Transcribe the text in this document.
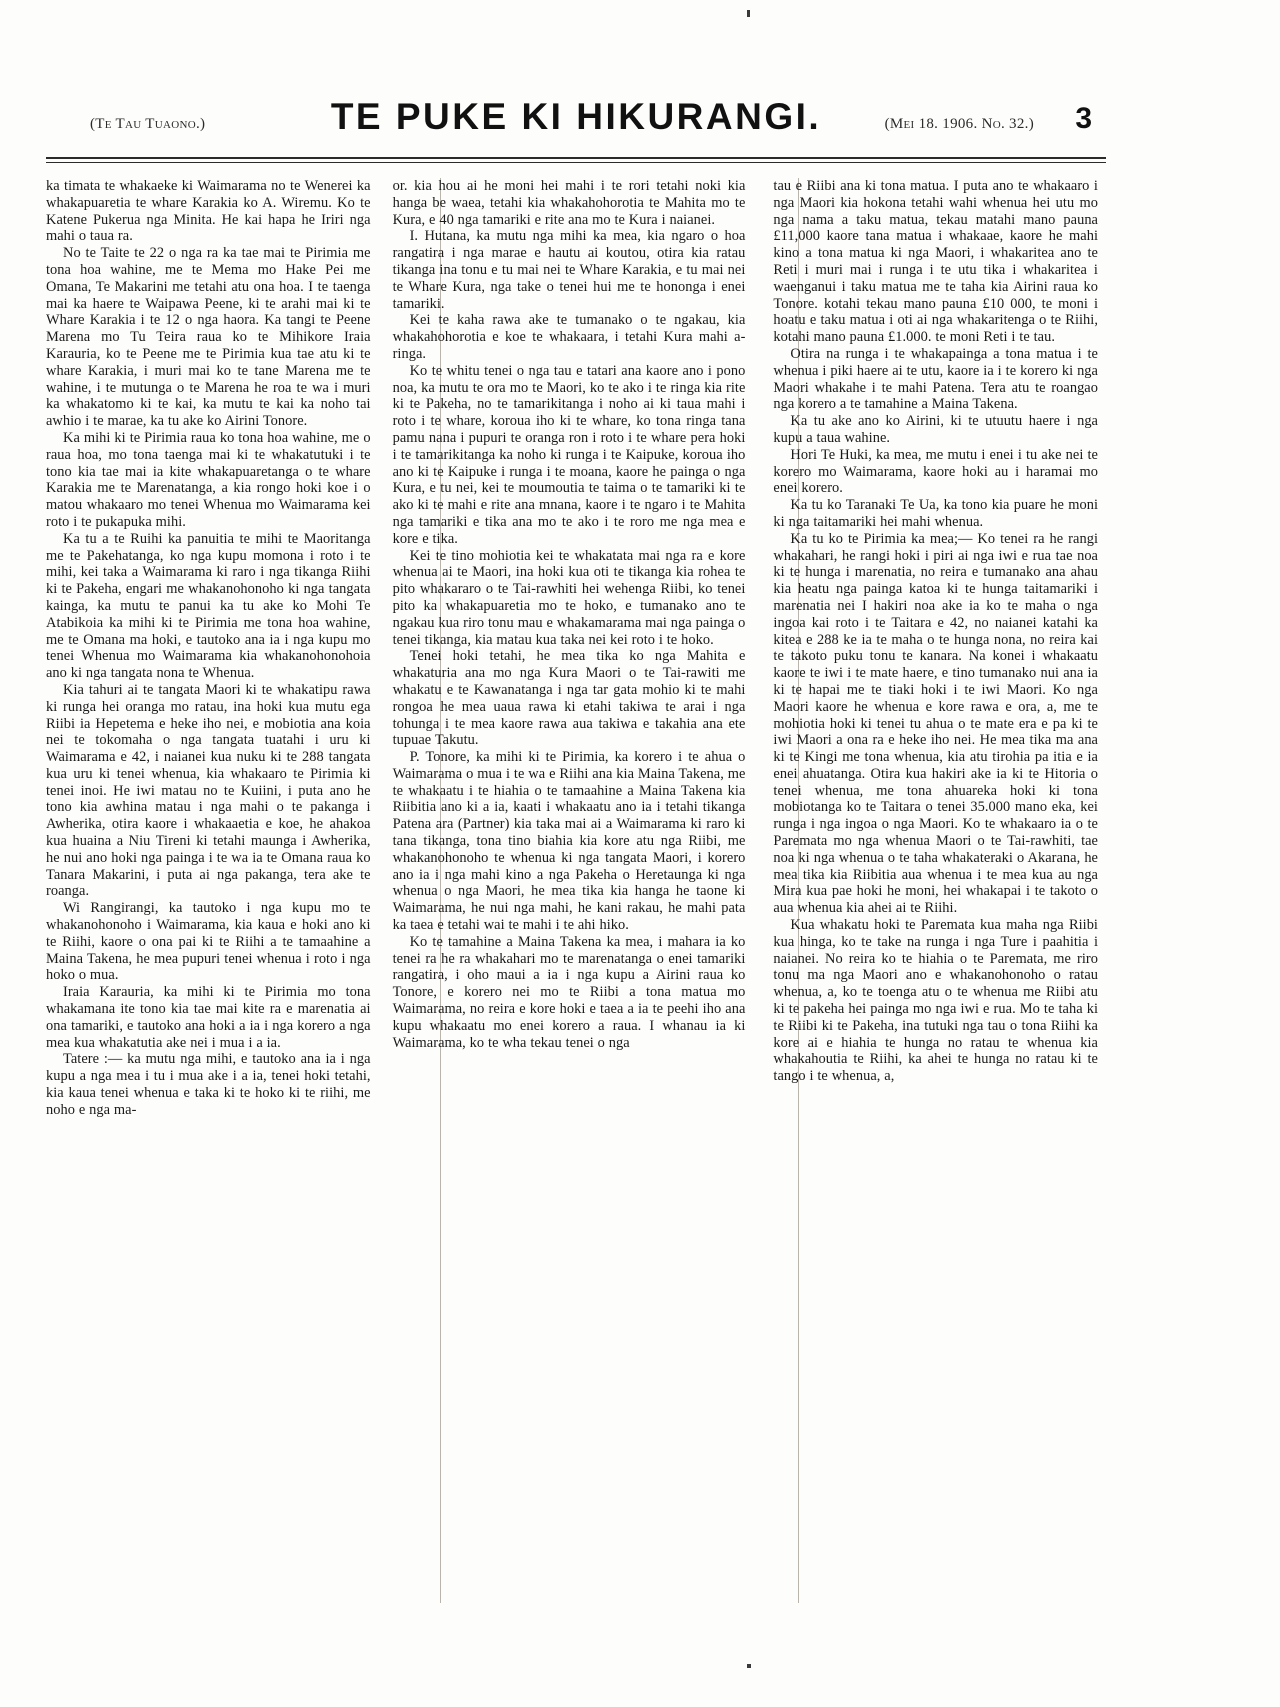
(Te Tau Tuaono.)	TE PUKE KI HIKURANGI.	(Mei 18. 1906. No. 32.) 3

ka timata te whakaeke ki Waimarama no te Wenerei ka whakapuaretia te whare Karakia ko A. Wiremu. Ko te Katene Pukerua nga Minita. He kai hapa he Iriri nga mahi o taua ra.

No te Taite te 22 o nga ra ka tae mai te Pirimia me tona hoa wahine, me te Mema mo Hake Pei me Omana, Te Makarini me tetahi atu ona hoa. I te taenga mai ka haere te Waipawa Peene, ki te arahi mai ki te Whare Karakia i te 12 o nga haora. Ka tangi te Peene Marena mo Tu Teira raua ko te Mihikore Iraia Karauria, ko te Peene me te Pirimia kua tae atu ki te whare Karakia, i muri mai ko te tane Marena me te wahine, i te mutunga o te Marena he roa te wa i muri ka whakatomo ki te kai, ka mutu te kai ka noho tai awhio i te marae, ka tu ake ko Airini Tonore.

Ka mihi ki te Pirimia raua ko tona hoa wahine, me o raua hoa, mo tona taenga mai ki te whakatutuki i te tono kia tae mai ia kite whakapuaretanga o te whare Karakia me te Marenatanga, a kia rongo hoki koe i o matou whakaaro mo tenei Whenua mo Waimarama kei roto i te pukapuka mihi.

Ka tu a te Ruihi ka panuitia te mihi te Maoritanga me te Pakehatanga, ko nga kupu momona i roto i te mihi, kei taka a Waimarama ki raro i nga tikanga Riihi ki te Pakeha, engari me whakanohonoho ki nga tangata kainga, ka mutu te panui ka tu ake ko Mohi Te Atabikoia ka mihi ki te Pirimia me tona hoa wahine, me te Omana ma hoki, e tautoko ana ia i nga kupu mo tenei Whenua mo Waimarama kia whakanohonohoia ano ki nga tangata nona te Whenua.

Kia tahuri ai te tangata Maori ki te whakatipu rawa ki runga hei oranga mo ratau, ina hoki kua mutu ega Riibi ia Hepetema e heke iho nei, e mobiotia ana koia nei te tokomaha o nga tangata tuatahi i uru ki Waimarama e 42, i naianei kua nuku ki te 288 tangata kua uru ki tenei whenua, kia whakaaro te Pirimia ki tenei inoi. He iwi matau no te Kuiini, i puta ano he tono kia awhina matau i nga mahi o te pakanga i Awherika, otira kaore i whakaaetia e koe, he ahakoa kua huaina a Niu Tireni ki tetahi maunga i Awherika, he nui ano hoki nga painga i te wa ia te Omana raua ko Tanara Makarini, i puta ai nga pakanga, tera ake te roanga.

Wi Rangirangi, ka tautoko i nga kupu mo te whakanohonoho i Waimarama, kia kaua e hoki ano ki te Riihi, kaore o ona pai ki te Riihi a te tamaahine a Maina Takena, he mea pupuri tenei whenua i roto i nga hoko o mua.

Iraia Karauria, ka mihi ki te Pirimia mo tona whakamana ite tono kia tae mai kite ra e marenatia ai ona tamariki, e tautoko ana hoki a ia i nga korero a nga mea kua whakatutia ake nei i mua i a ia.

Tatere :— ka mutu nga mihi, e tautoko ana ia i nga kupu a nga mea i tu i mua ake i a ia, tenei hoki tetahi, kia kaua tenei whenua e taka ki te hoko ki te riihi, me noho e nga ma-

or. kia hou ai he moni hei mahi i te rori tetahi noki kia hanga be waea, tetahi kia whakahohorotia te Mahita mo te Kura, e 40 nga tamariki e rite ana mo te Kura i naianei.

I. Hutana, ka mutu nga mihi ka mea, kia ngaro o hoa rangatira i nga marae e hautu ai koutou, otira kia ratau tikanga ina tonu e tu mai nei te Whare Karakia, e tu mai nei te Whare Kura, nga take o tenei hui me te hononga i enei tamariki.

Kei te kaha rawa ake te tumanako o te ngakau, kia whakahohorotia e koe te whakaara, i tetahi Kura mahi a-ringa.

Ko te whitu tenei o nga tau e tatari ana kaore ano i pono noa, ka mutu te ora mo te Maori, ko te ako i te ringa kia rite ki te Pakeha, no te tamarikitanga i noho ai ki taua mahi i roto i te whare, koroua iho ki te whare, ko tona ringa tana pamu nana i pupuri te oranga ron i roto i te whare pera hoki i te tamarikitanga ka noho ki runga i te Kaipuke, koroua iho ano ki te Kaipuke i runga i te moana, kaore he painga o nga Kura, e tu nei, kei te moumoutia te taima o te tamariki ki te ako ki te mahi e rite ana mnana, kaore i te ngaro i te Mahita nga tamariki e tika ana mo te ako i te roro me nga mea e kore e tika.

Kei te tino mohiotia kei te whakatata mai nga ra e kore whenua ai te Maori, ina hoki kua oti te tikanga kia rohea te pito whakararo o te Tai-rawhiti hei wehenga Riibi, ko tenei pito ka whakapuaretia mo te hoko, e tumanako ano te ngakau kua riro tonu mau e whakamarama mai nga painga o tenei tikanga, kia matau kua taka nei kei roto i te hoko.

Tenei hoki tetahi, he mea tika ko nga Mahita e whakaturia ana mo nga Kura Maori o te Tai-rawiti me whakatu e te Kawanatanga i nga tar gata mohio ki te mahi rongoa he mea uaua rawa ki etahi takiwa te arai i nga tohunga i te mea kaore rawa aua takiwa e takahia ana ete tupuae Takutu.

P. Tonore, ka mihi ki te Pirimia, ka korero i te ahua o Waimarama o mua i te wa e Riihi ana kia Maina Takena, me te whakaatu i te hiahia o te tamaahine a Maina Takena kia Riibitia ano ki a ia, kaati i whakaatu ano ia i tetahi tikanga Patena ara (Partner) kia taka mai ai a Waimarama ki raro ki tana tikanga, tona tino biahia kia kore atu nga Riibi, me whakanohonoho te whenua ki nga tangata Maori, i korero ano ia i nga mahi kino a nga Pakeha o Heretaunga ki nga whenua o nga Maori, he mea tika kia hanga he taone ki Waimarama, he nui nga mahi, he kani rakau, he mahi pata ka taea e tetahi wai te mahi i te ahi hiko.

Ko te tamahine a Maina Takena ka mea, i mahara ia ko tenei ra he ra whakahari mo te marenatanga o enei tamariki rangatira, i oho maui a ia i nga kupu a Airini raua ko Tonore, e korero nei mo te Riibi a tona matua mo Waimarama, no reira e kore hoki e taea a ia te peehi iho ana kupu whakaatu mo enei korero a raua. I whanau ia ki Waimarama, ko te wha tekau tenei o nga

tau e Riibi ana ki tona matua. I puta ano te whakaaro i nga Maori kia hokona tetahi wahi whenua hei utu mo nga nama a taku matua, tekau matahi mano pauna £11,000 kaore tana matua i whakaae, kaore he mahi kino a tona matua ki nga Maori, i whakaritea ano te Reti i muri mai i runga i te utu tika i whakaritea i waenganui i taku matua me te taha kia Airini raua ko Tonore. kotahi tekau mano pauna £10 000, te moni i hoatu e taku matua i oti ai nga whakaritenga o te Riihi, kotahi mano pauna £1.000. te moni Reti i te tau.

Otira na runga i te whakapainga a tona matua i te whenua i piki haere ai te utu, kaore ia i te korero ki nga Maori whakahe i te mahi Patena. Tera atu te roangao nga korero a te tamahine a Maina Takena.

Ka tu ake ano ko Airini, ki te utuutu haere i nga kupu a taua wahine.

Hori Te Huki, ka mea, me mutu i enei i tu ake nei te korero mo Waimarama, kaore hoki au i haramai mo enei korero.

Ka tu ko Taranaki Te Ua, ka tono kia puare he moni ki nga taitamariki hei mahi whenua.

Ka tu ko te Pirimia ka mea;— Ko tenei ra he rangi whakahari, he rangi hoki i piri ai nga iwi e rua tae noa ki te hunga i marenatia, no reira e tumanako ana ahau kia heatu nga painga katoa ki te hunga taitamariki i marenatia nei I hakiri noa ake ia ko te maha o nga ingoa kai roto i te Taitara e 42, no naianei katahi ka kitea e 288 ke ia te maha o te hunga nona, no reira kai te takoto puku tonu te kanara. Na konei i whakaatu kaore te iwi i te mate haere, e tino tumanako nui ana ia ki te hapai me te tiaki hoki i te iwi Maori. Ko nga Maori kaore he whenua e kore rawa e ora, a, me te mohiotia hoki ki tenei tu ahua o te mate era e pa ki te iwi Maori a ona ra e heke iho nei. He mea tika ma ana ki te Kingi me tona whenua, kia atu tirohia pa itia e ia enei ahuatanga. Otira kua hakiri ake ia ki te Hitoria o tenei whenua, me tona ahuareka hoki ki tona mobiotanga ko te Taitara o tenei 35.000 mano eka, kei runga i nga ingoa o nga Maori. Ko te whakaaro ia o te Paremata mo nga whenua Maori o te Tai-rawhiti, tae noa ki nga whenua o te taha whakateraki o Akarana, he mea tika kia Riibitia aua whenua i te mea kua au nga Mira kua pae hoki he moni, hei whakapai i te takoto o aua whenua kia ahei ai te Riihi.

Kua whakatu hoki te Paremata kua maha nga Riibi kua hinga, ko te take na runga i nga Ture i paahitia i naianei. No reira ko te hiahia o te Paremata, me riro tonu ma nga Maori ano e whakanohonoho o ratau whenua, a, ko te toenga atu o te whenua me Riibi atu ki te pakeha hei painga mo nga iwi e rua. Mo te taha ki te Riibi ki te Pakeha, ina tutuki nga tau o tona Riihi ka kore ai e hiahia te hunga no ratau te whenua kia whakahoutia te Riihi, ka ahei te hunga no ratau ki te tango i te whenua, a,
